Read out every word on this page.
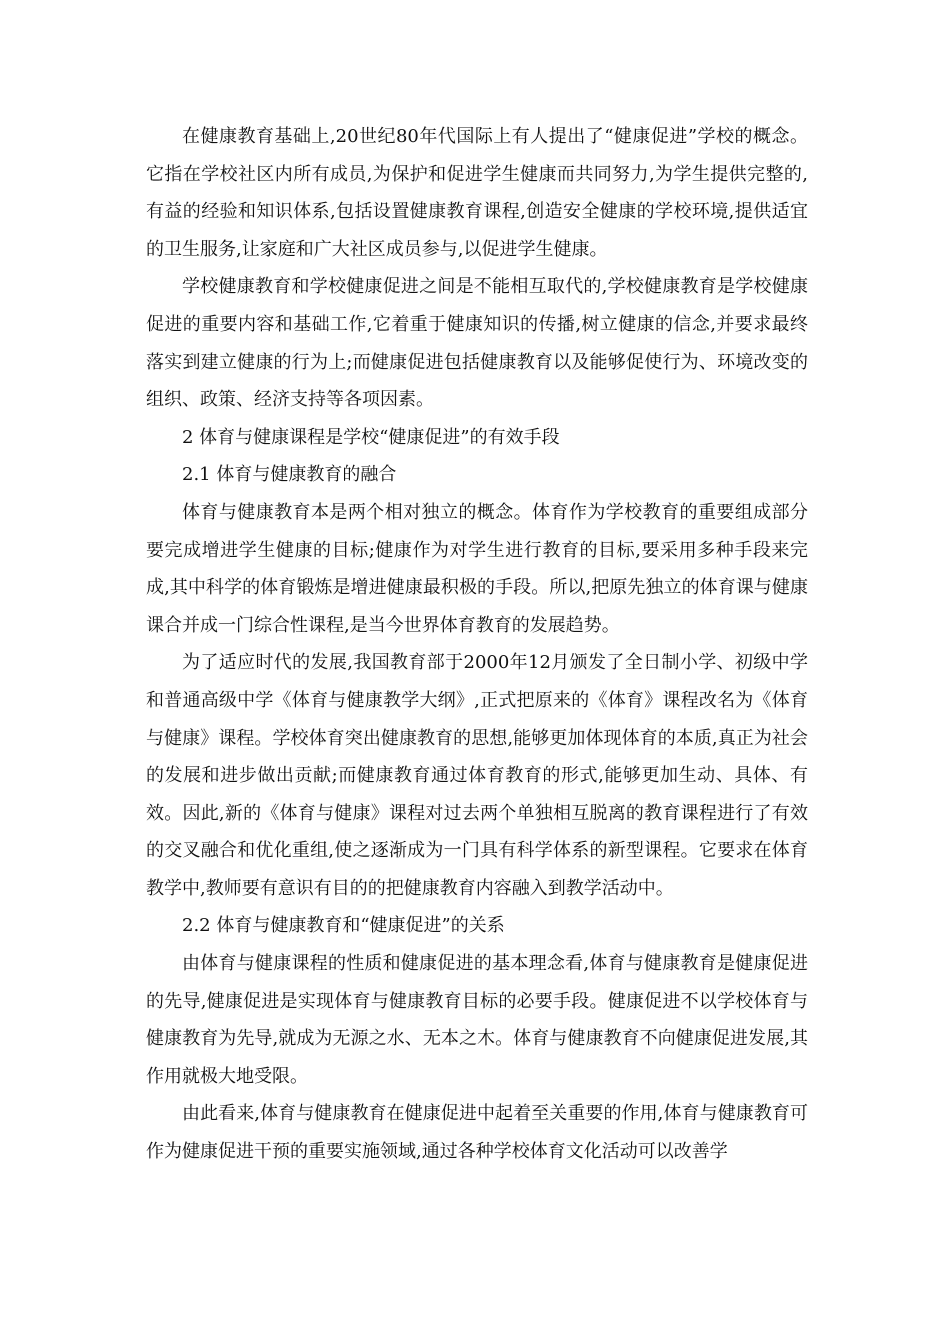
在健康教育基础上,20世纪80年代国际上有人提出了“健康促进”学校的概念。它指在学校社区内所有成员,为保护和促进学生健康而共同努力,为学生提供完整的,有益的经验和知识体系,包括设置健康教育课程,创造安全健康的学校环境,提供适宜的卫生服务,让家庭和广大社区成员参与,以促进学生健康。

学校健康教育和学校健康促进之间是不能相互取代的,学校健康教育是学校健康促进的重要内容和基础工作,它着重于健康知识的传播,树立健康的信念,并要求最终落实到建立健康的行为上;而健康促进包括健康教育以及能够促使行为、环境改变的组织、政策、经济支持等各项因素。

2 体育与健康课程是学校“健康促进”的有效手段

2.1 体育与健康教育的融合

体育与健康教育本是两个相对独立的概念。体育作为学校教育的重要组成部分要完成增进学生健康的目标;健康作为对学生进行教育的目标,要采用多种手段来完成,其中科学的体育锻炼是增进健康最积极的手段。所以,把原先独立的体育课与健康课合并成一门综合性课程,是当今世界体育教育的发展趋势。

为了适应时代的发展,我国教育部于2000年12月颁发了全日制小学、初级中学和普通高级中学《体育与健康教学大纲》,正式把原来的《体育》课程改名为《体育与健康》课程。学校体育突出健康教育的思想,能够更加体现体育的本质,真正为社会的发展和进步做出贡献;而健康教育通过体育教育的形式,能够更加生动、具体、有效。因此,新的《体育与健康》课程对过去两个单独相互脱离的教育课程进行了有效的交叉融合和优化重组,使之逐渐成为一门具有科学体系的新型课程。它要求在体育教学中,教师要有意识有目的的把健康教育内容融入到教学活动中。

2.2 体育与健康教育和“健康促进”的关系

由体育与健康课程的性质和健康促进的基本理念看,体育与健康教育是健康促进的先导,健康促进是实现体育与健康教育目标的必要手段。健康促进不以学校体育与健康教育为先导,就成为无源之水、无本之木。体育与健康教育不向健康促进发展,其作用就极大地受限。

由此看来,体育与健康教育在健康促进中起着至关重要的作用,体育与健康教育可作为健康促进干预的重要实施领域,通过各种学校体育文化活动可以改善学
